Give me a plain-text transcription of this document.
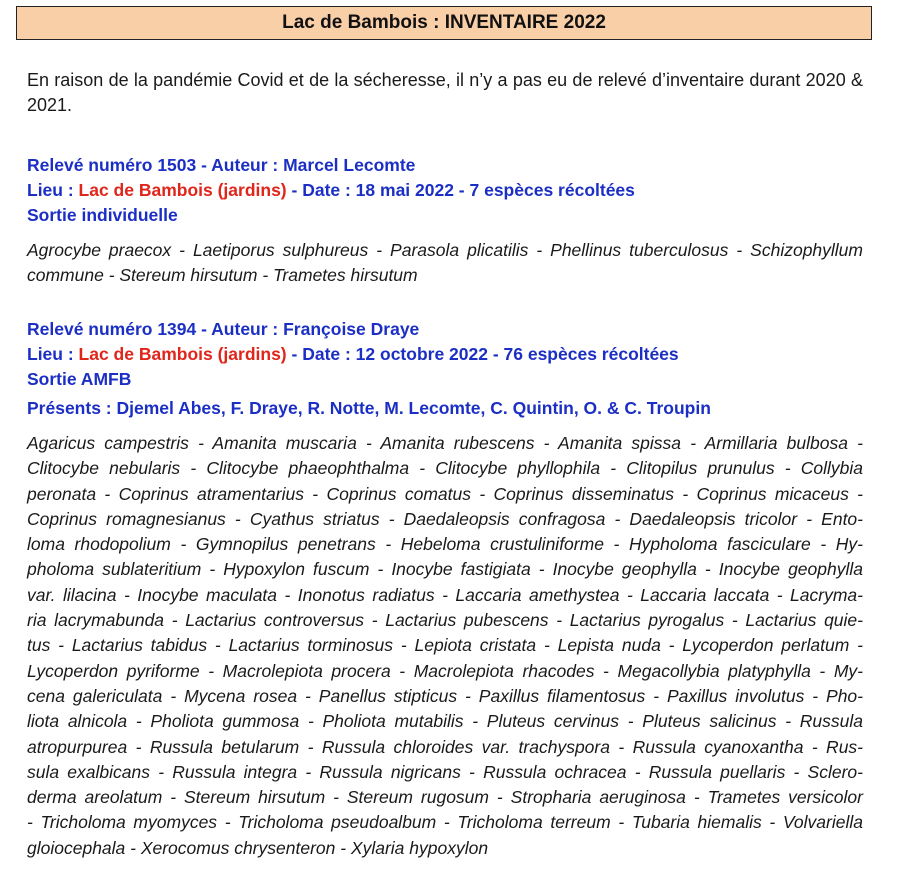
Lac de Bambois : INVENTAIRE 2022
En raison de la pandémie Covid et de la sécheresse, il n’y a pas eu de relevé d’inventaire durant 2020 & 2021.
Relevé numéro 1503 - Auteur : Marcel Lecomte
Lieu : Lac de Bambois (jardins) - Date : 18 mai 2022 - 7 espèces récoltées
Sortie individuelle
Agrocybe praecox - Laetiporus sulphureus - Parasola plicatilis - Phellinus tuberculosus - Schizophyllum
commune - Stereum hirsutum - Trametes hirsutum
Relevé numéro 1394 - Auteur : Françoise Draye
Lieu : Lac de Bambois (jardins) - Date : 12 octobre 2022 - 76 espèces récoltées
Sortie AMFB
Présents : Djemel Abes, F. Draye, R. Notte, M. Lecomte, C. Quintin, O. & C. Troupin
Agaricus campestris - Amanita muscaria - Amanita rubescens - Amanita spissa - Armillaria bulbosa -
Clitocybe nebularis - Clitocybe phaeophthalma - Clitocybe phyllophila - Clitopilus prunulus - Collybia
peronata - Coprinus atramentarius - Coprinus comatus - Coprinus disseminatus - Coprinus micaceus -
Coprinus romagnesianus - Cyathus striatus - Daedaleopsis confragosa - Daedaleopsis tricolor - Ento-
loma rhodopolium - Gymnopilus penetrans - Hebeloma crustuliniforme - Hypholoma fasciculare - Hy-
pholoma sublateritium - Hypoxylon fuscum - Inocybe fastigiata - Inocybe geophylla - Inocybe geophylla
var. lilacina - Inocybe maculata - Inonotus radiatus - Laccaria amethystea - Laccaria laccata - Lacryma-
ria lacrymabunda - Lactarius controversus - Lactarius pubescens - Lactarius pyrogalus - Lactarius quie-
tus - Lactarius tabidus - Lactarius torminosus - Lepiota cristata - Lepista nuda - Lycoperdon perlatum -
Lycoperdon pyriforme - Macrolepiota procera - Macrolepiota rhacodes - Megacollybia platyphylla - My-
cena galericulata - Mycena rosea - Panellus stipticus - Paxillus filamentosus - Paxillus involutus - Pho-
liota alnicola - Pholiota gummosa - Pholiota mutabilis - Pluteus cervinus - Pluteus salicinus - Russula
atropurpurea - Russula betularum - Russula chloroides var. trachyspora - Russula cyanoxantha - Rus-
sula exalbicans - Russula integra - Russula nigricans - Russula ochracea - Russula puellaris - Sclero-
derma areolatum - Stereum hirsutum - Stereum rugosum - Stropharia aeruginosa - Trametes versicolor
- Tricholoma myomyces - Tricholoma pseudoalbum - Tricholoma terreum - Tubaria hiemalis - Volvariella
gloiocephala - Xerocomus chrysenteron - Xylaria hypoxylon
